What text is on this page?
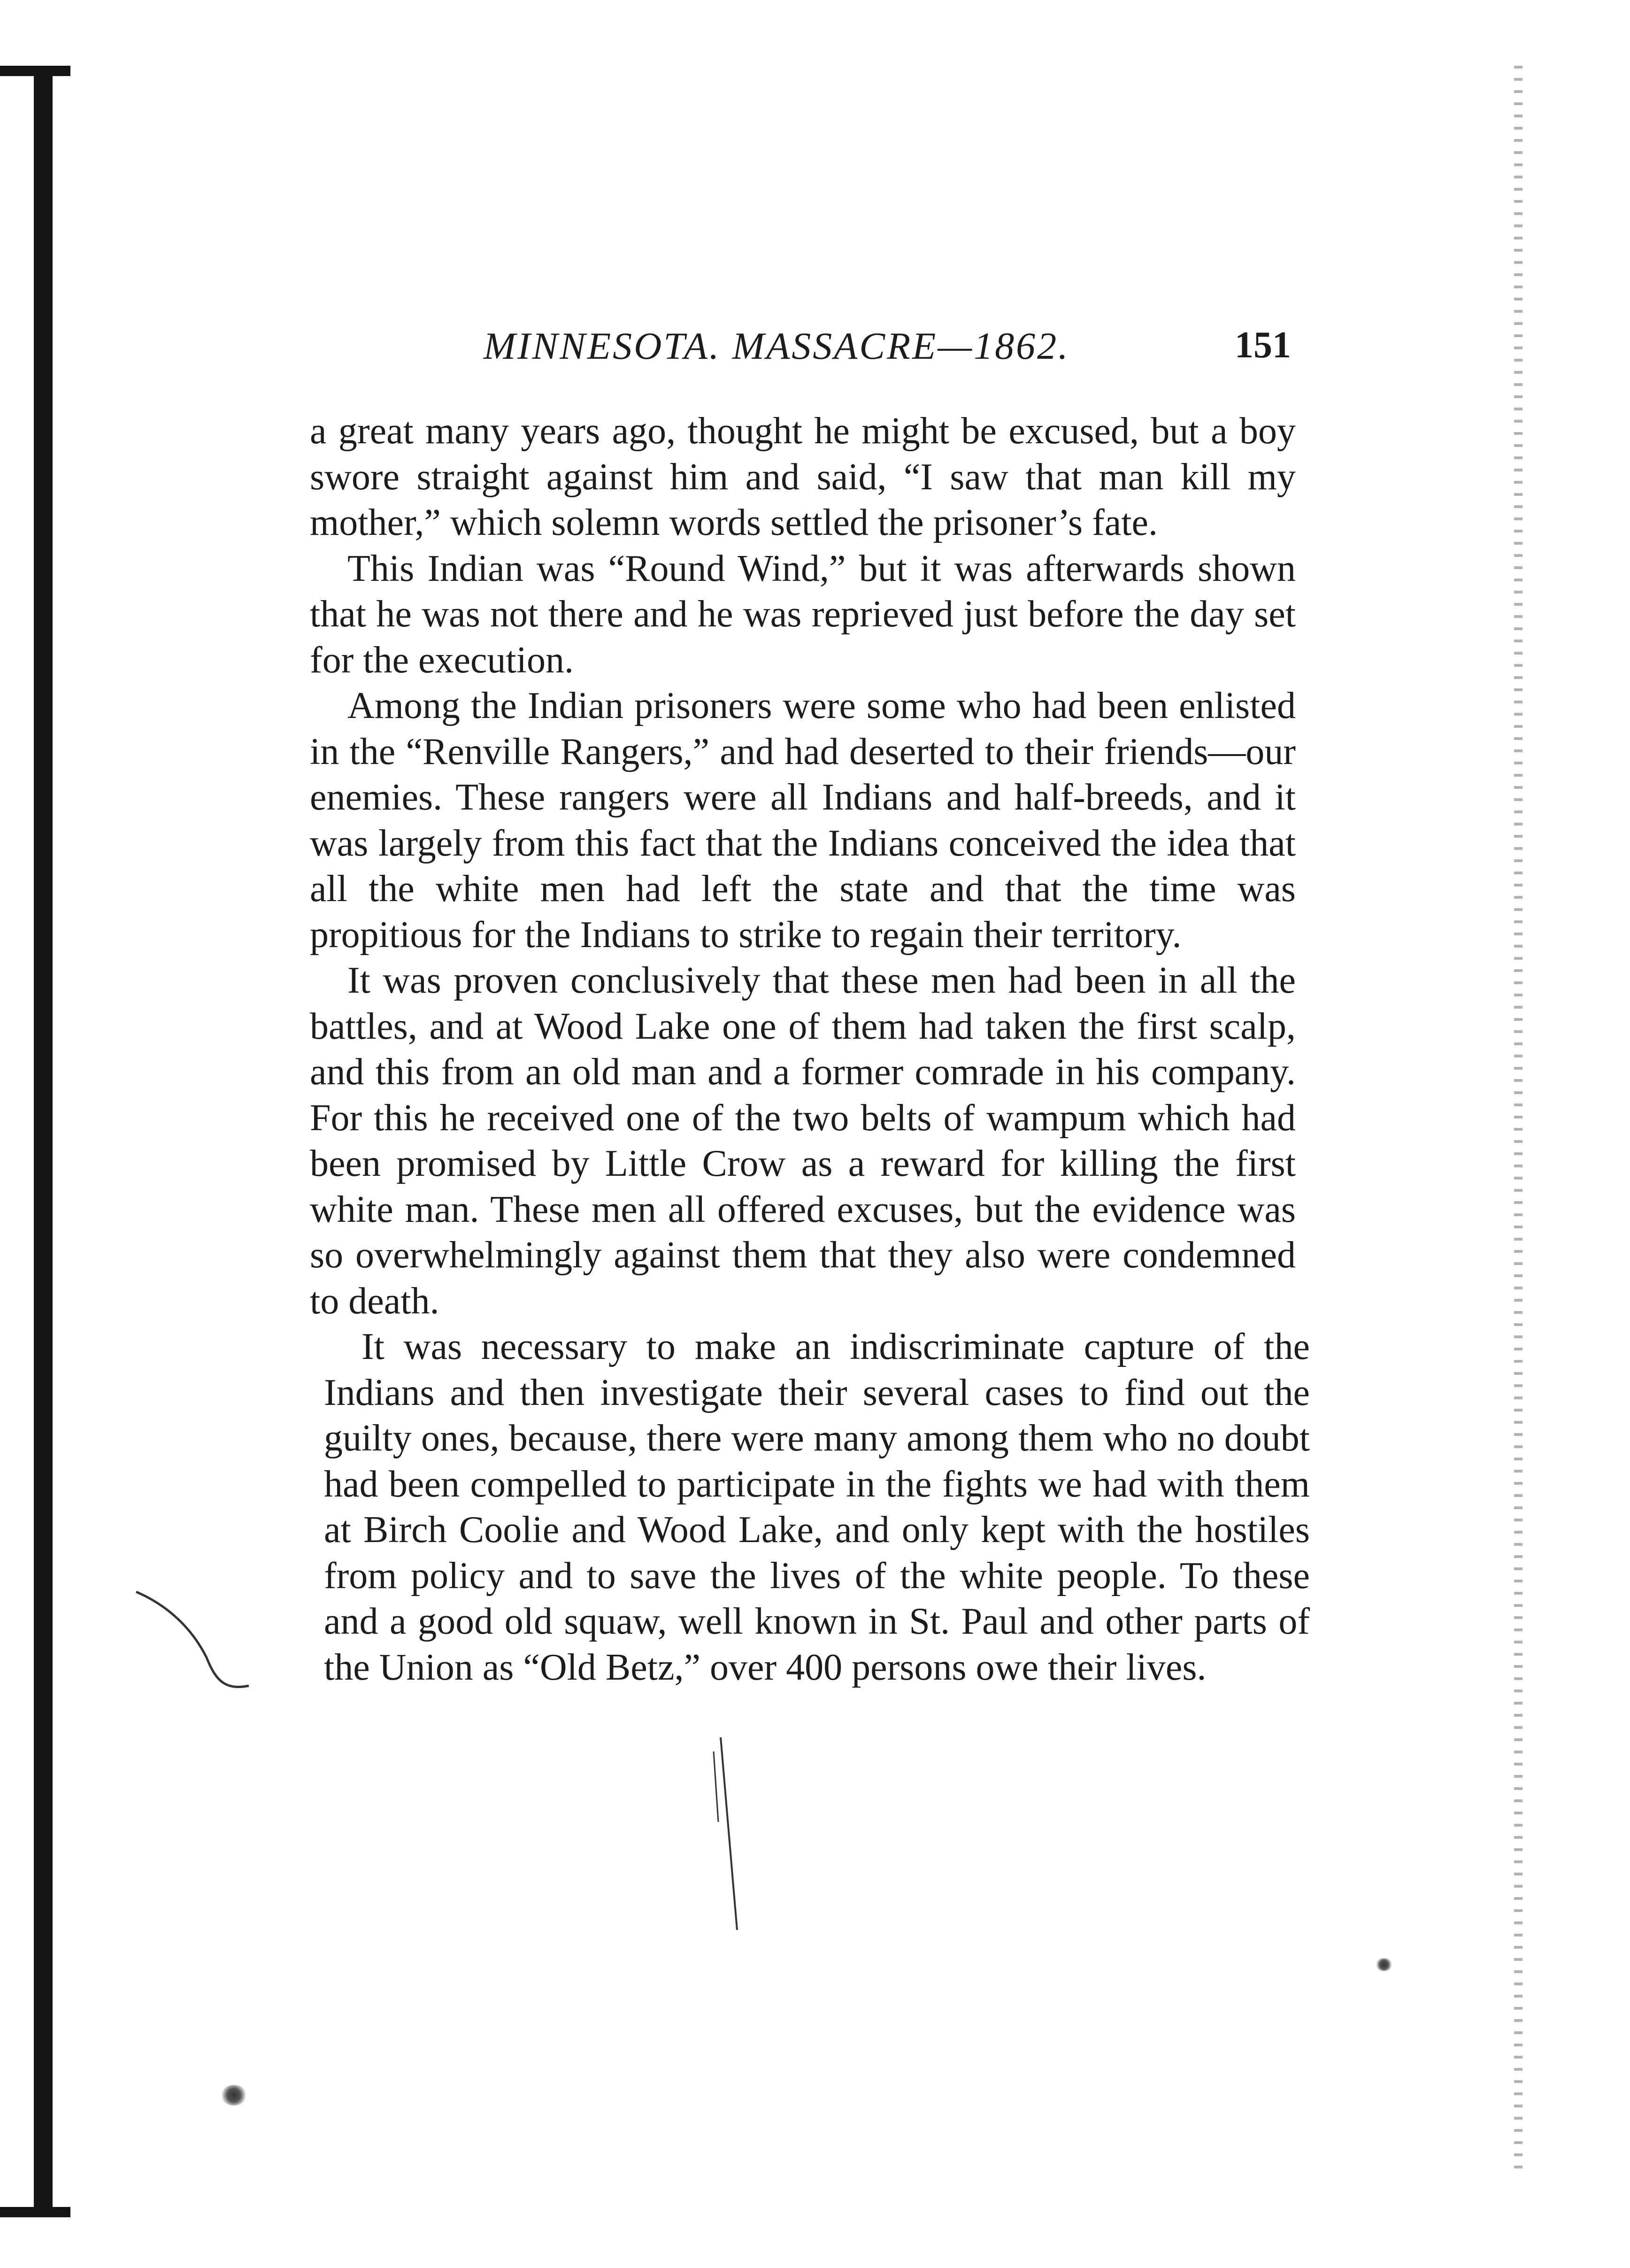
MINNESOTA. MASSACRE—1862.	151

a great many years ago, thought he might be excused, but a boy swore straight against him and said, “I saw that man kill my mother,” which solemn words settled the prisoner’s fate.

This Indian was “Round Wind,” but it was afterwards shown that he was not there and he was reprieved just before the day set for the execution.

Among the Indian prisoners were some who had been enlisted in the “Renville Rangers,” and had deserted to their friends—our enemies. These rangers were all Indians and half-breeds, and it was largely from this fact that the Indians conceived the idea that all the white men had left the state and that the time was propitious for the Indians to strike to regain their territory.

It was proven conclusively that these men had been in all the battles, and at Wood Lake one of them had taken the first scalp, and this from an old man and a former comrade in his company. For this he received one of the two belts of wampum which had been promised by Little Crow as a reward for killing the first white man. These men all offered excuses, but the evidence was so overwhelmingly against them that they also were condemned to death.

It was necessary to make an indiscriminate capture of the Indians and then investigate their several cases to find out the guilty ones, because, there were many among them who no doubt had been compelled to participate in the fights we had with them at Birch Coolie and Wood Lake, and only kept with the hostiles from policy and to save the lives of the white people. To these and a good old squaw, well known in St. Paul and other parts of the Union as “Old Betz,” over 400 persons owe their lives.
